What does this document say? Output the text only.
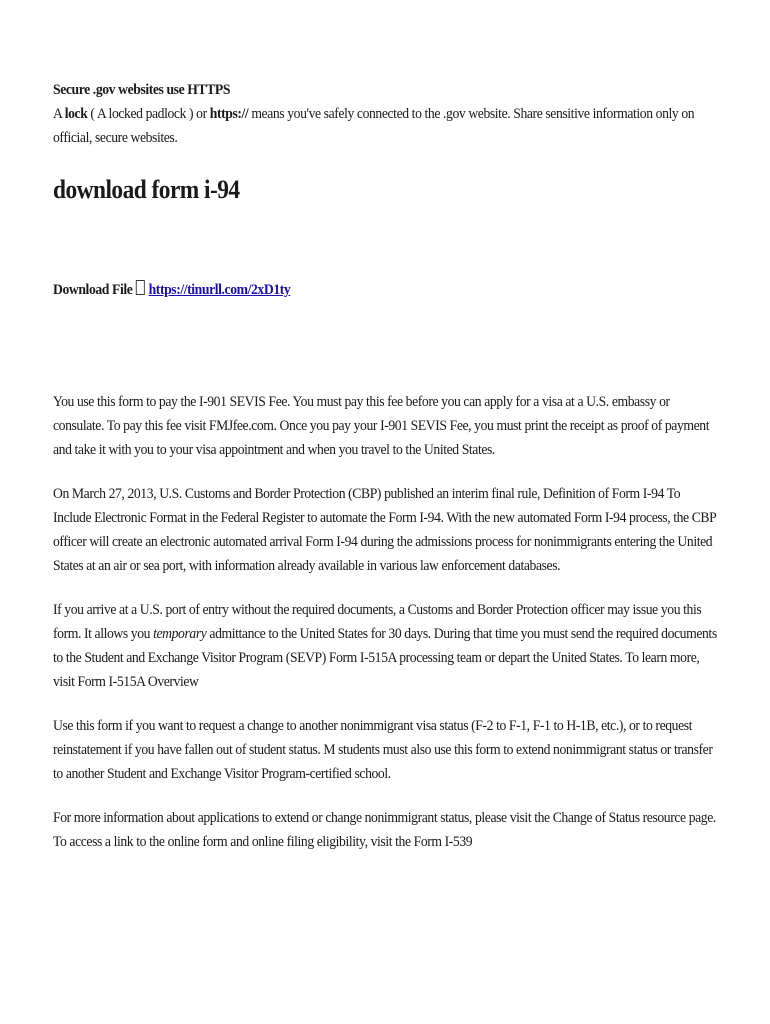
Secure .gov websites use HTTPS
A lock ( A locked padlock ) or https:// means you've safely connected to the .gov website. Share sensitive information only on official, secure websites.

download form i-94

Download File https://tinurll.com/2xD1ty

You use this form to pay the I-901 SEVIS Fee. You must pay this fee before you can apply for a visa at a U.S. embassy or consulate. To pay this fee visit FMJfee.com. Once you pay your I-901 SEVIS Fee, you must print the receipt as proof of payment and take it with you to your visa appointment and when you travel to the United States.

On March 27, 2013, U.S. Customs and Border Protection (CBP) published an interim final rule, Definition of Form I-94 To Include Electronic Format in the Federal Register to automate the Form I-94. With the new automated Form I-94 process, the CBP officer will create an electronic automated arrival Form I-94 during the admissions process for nonimmigrants entering the United States at an air or sea port, with information already available in various law enforcement databases.

If you arrive at a U.S. port of entry without the required documents, a Customs and Border Protection officer may issue you this form. It allows you temporary admittance to the United States for 30 days. During that time you must send the required documents to the Student and Exchange Visitor Program (SEVP) Form I-515A processing team or depart the United States. To learn more, visit Form I-515A Overview

Use this form if you want to request a change to another nonimmigrant visa status (F-2 to F-1, F-1 to H-1B, etc.), or to request reinstatement if you have fallen out of student status. M students must also use this form to extend nonimmigrant status or transfer to another Student and Exchange Visitor Program-certified school.

For more information about applications to extend or change nonimmigrant status, please visit the Change of Status resource page. To access a link to the online form and online filing eligibility, visit the Form I-539
